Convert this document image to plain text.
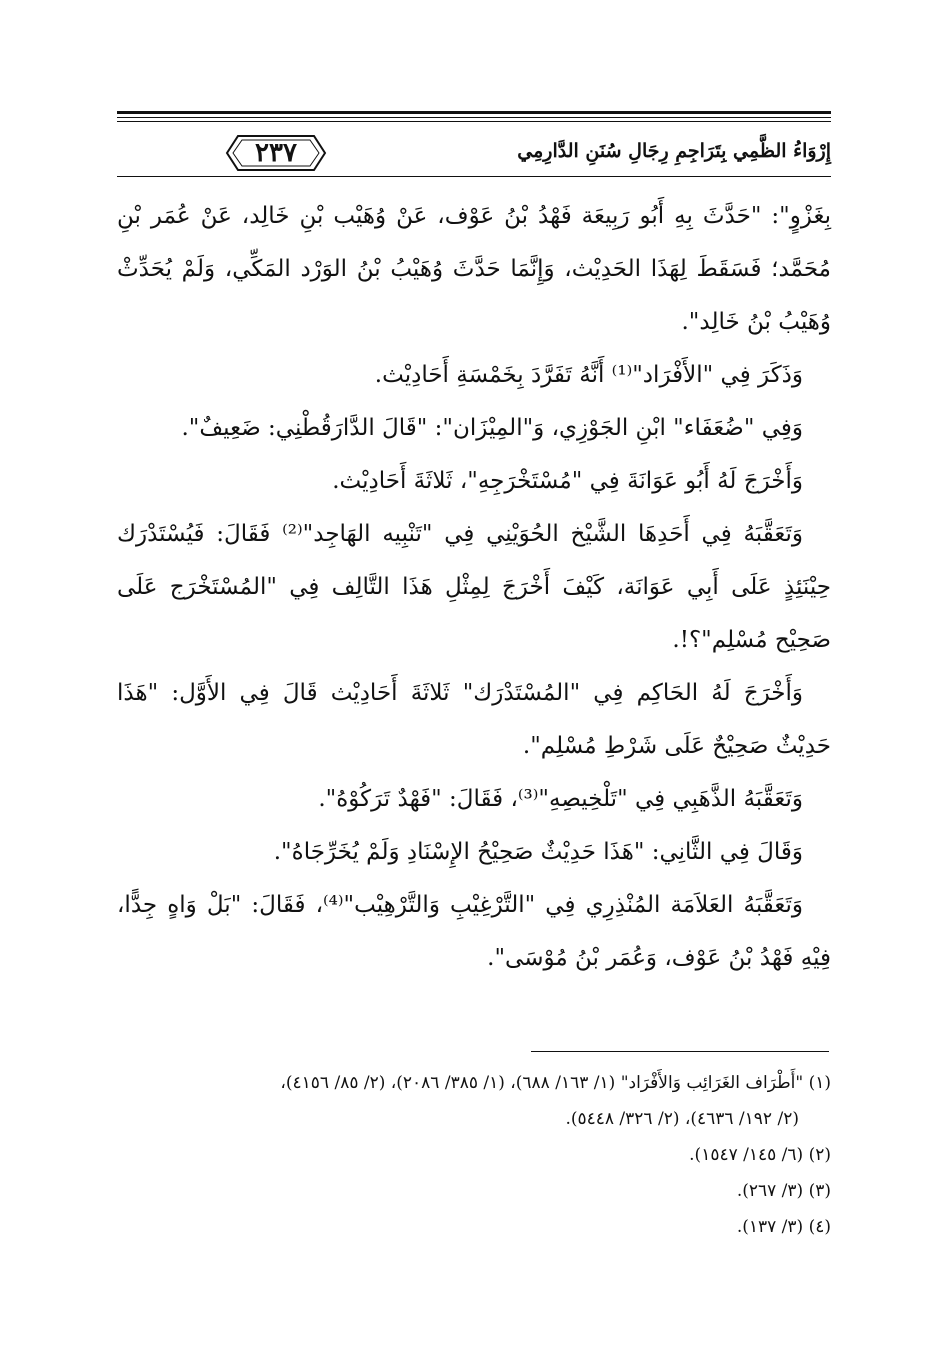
٢٣٧	إِرْوَاءُ الظَّمِي بِتَرَاجِمِ رِجَالِ سُنَنِ الدَّارِمِي

بِغَزْوٍ": "حَدَّثَ بِهِ أَبُو رَبِيعَة فَهْدُ بْنُ عَوْف، عَنْ وُهَيْب بْنِ خَالِد، عَنْ عُمَر بْنِ مُحَمَّد؛ فَسَقَطَ لِهَذَا الحَدِيْث، وَإِنَّمَا حَدَّثَ وُهَيْبُ بْنُ الوَرْد المَكِّي، وَلَمْ يُحَدِّثْ وُهَيْبُ بْنُ خَالِد".

وَذَكَرَ فِي "الأَفْرَاد"⁽¹⁾ أَنَّهُ تَفَرَّدَ بِخَمْسَةِ أَحَادِيْث.

وَفِي "ضُعَفَاء" ابْنِ الجَوْزِي، وَ"المِيْزَان": "قَالَ الدَّارَقُطْنِي: ضَعِيفٌ".

وَأَخْرَجَ لَهُ أَبُو عَوَانَةَ فِي "مُسْتَخْرَجِهِ"، ثَلاثَةَ أَحَادِيْث.

وَتَعَقَّبَهُ فِي أَحَدِهَا الشَّيْخ الحُوَيْنِي فِي "تَنْبِيه الهَاجِد"⁽²⁾ فَقَالَ: فَيُسْتَدْرَك حِيْنَئِذٍ عَلَى أَبِي عَوَانَة، كَيْفَ أَخْرَجَ لِمِثْلِ هَذَا التَّالِف فِي "المُسْتَخْرَج عَلَى صَحِيْح مُسْلِم"؟!.

وَأَخْرَجَ لَهُ الحَاكِم فِي "المُسْتَدْرَك" ثَلاثَةَ أَحَادِيْث قَالَ فِي الأَوَّل: "هَذَا حَدِيْثٌ صَحِيْحٌ عَلَى شَرْطِ مُسْلِم".

وَتَعَقَّبَهُ الذَّهَبِي فِي "تَلْخِيصِهِ"⁽³⁾، فَقَالَ: "فَهْدٌ تَرَكُوْهُ".

وَقَالَ فِي الثَّانِي: "هَذَا حَدِيْثٌ صَحِيْحُ الإِسْنَادِ وَلَمْ يُخَرِّجَاهُ".

وَتَعَقَّبَهُ العَلاَمَة المُنْذِرِي فِي "التَّرْغِيْبِ وَالتَّرْهِيْب"⁽⁴⁾، فَقَالَ: "بَلْ وَاهٍ جِدًّا، فِيْهِ فَهْدُ بْنُ عَوْف، وَعُمَر بْنُ مُوْسَى".

(١) "أَطْرَاف الغَرَائِب وَالأَفْرَاد" (١/ ١٦٣/ ٦٨٨)، (١/ ٣٨٥/ ٢٠٨٦)، (٢/ ٨٥/ ٤١٥٦)،

(٢/ ١٩٢/ ٤٦٣٦)، (٢/ ٣٢٦/ ٥٤٤٨).

(٢) (٦/ ١٤٥/ ١٥٤٧).

(٣) (٣/ ٢٦٧).

(٤) (٣/ ١٣٧).
